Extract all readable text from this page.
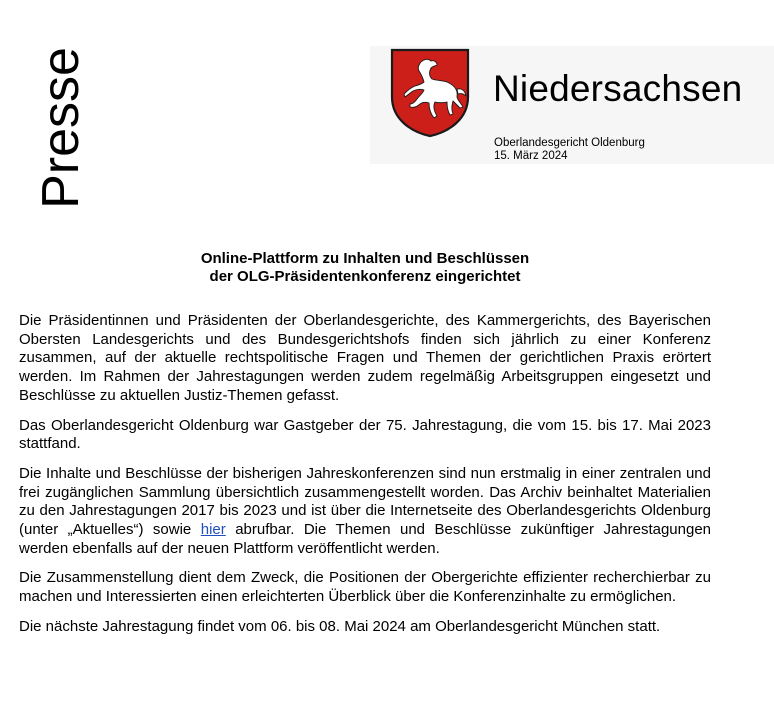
Presse	Niedersachsen
Oberlandesgericht Oldenburg
15. März 2024
Online-Plattform zu Inhalten und Beschlüssen
der OLG-Präsidentenkonferenz eingerichtet

Die Präsidentinnen und Präsidenten der Oberlandesgerichte, des Kammergerichts, des Bayerischen Obersten Landesgerichts und des Bundesgerichtshofs finden sich jährlich zu einer Konferenz zusammen, auf der aktuelle rechtspolitische Fragen und Themen der gerichtlichen Praxis erörtert werden. Im Rahmen der Jahrestagungen werden zudem regelmäßig Arbeitsgruppen eingesetzt und Beschlüsse zu aktuellen Justiz-Themen gefasst.

Das Oberlandesgericht Oldenburg war Gastgeber der 75. Jahrestagung, die vom 15. bis 17. Mai 2023 stattfand.

Die Inhalte und Beschlüsse der bisherigen Jahreskonferenzen sind nun erstmalig in einer zentralen und frei zugänglichen Sammlung übersichtlich zusammengestellt worden. Das Archiv beinhaltet Materialien zu den Jahrestagungen 2017 bis 2023 und ist über die Internetseite des Oberlandesgerichts Oldenburg (unter „Aktuelles“) sowie hier abrufbar. Die Themen und Beschlüsse zukünftiger Jahrestagungen werden ebenfalls auf der neuen Plattform veröffentlicht werden.

Die Zusammenstellung dient dem Zweck, die Positionen der Obergerichte effizienter recherchierbar zu machen und Interessierten einen erleichterten Überblick über die Konferenzinhalte zu ermöglichen.

Die nächste Jahrestagung findet vom 06. bis 08. Mai 2024 am Oberlandesgericht München statt.
